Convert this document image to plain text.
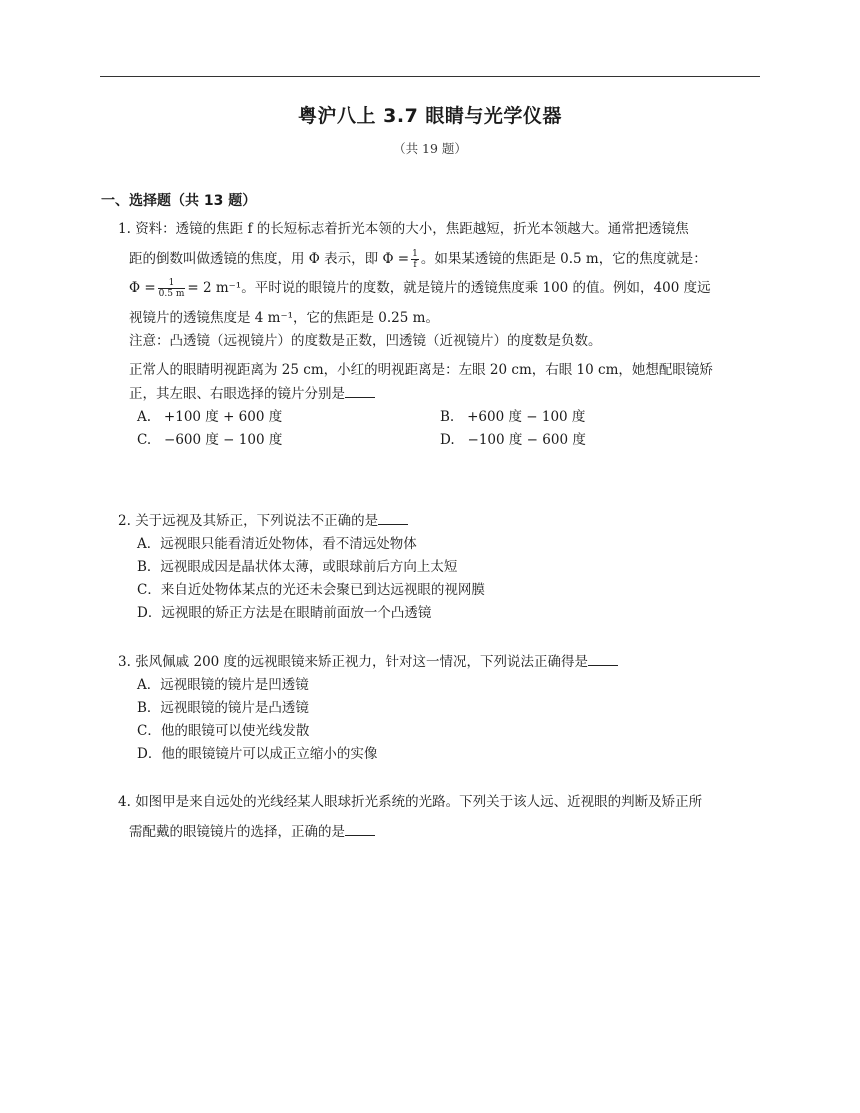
粤沪八上 3.7 眼睛与光学仪器
（共 19 题）
一、选择题（共 13 题）
1. 资料：透镜的焦距 f 的长短标志着折光本领的大小，焦距越短，折光本领越大。通常把透镜焦
距的倒数叫做透镜的焦度，用 Φ 表示，即 $\Phi = \frac{1}{f}$ 。如果某透镜的焦距是 0.5 m，它的焦度就是：
$\Phi = \frac{1}{0.5 m} = 2$ m⁻¹。平时说的眼镜片的度数，就是镜片的透镜焦度乘 100 的值。例如，400 度远
视镜片的透镜焦度是 4 m⁻¹，它的焦距是 0.25 m。
注意：凸透镜（远视镜片）的度数是正数，凹透镜（近视镜片）的度数是负数。
正常人的眼睛明视距离为 25 cm，小红的明视距离是：左眼 20 cm，右眼 10 cm，她想配眼镜矫
正，其左眼、右眼选择的镜片分别是
A. +100 度 + 600 度	B. +600 度 − 100 度
C. −600 度 − 100 度	D. −100 度 − 600 度
2. 关于远视及其矫正，下列说法不正确的是
A．远视眼只能看清近处物体，看不清远处物体
B．远视眼成因是晶状体太薄，或眼球前后方向上太短
C．来自近处物体某点的光还未会聚已到达远视眼的视网膜
D．远视眼的矫正方法是在眼睛前面放一个凸透镜
3. 张风佩戚 200 度的远视眼镜来矫正视力，针对这一情况，下列说法正确得是
A．远视眼镜的镜片是凹透镜
B．远视眼镜的镜片是凸透镜
C．他的眼镜可以使光线发散
D．他的眼镜镜片可以成正立缩小的实像
4. 如图甲是来自远处的光线经某人眼球折光系统的光路。下列关于该人远、近视眼的判断及矫正所
需配戴的眼镜镜片的选择，正确的是
